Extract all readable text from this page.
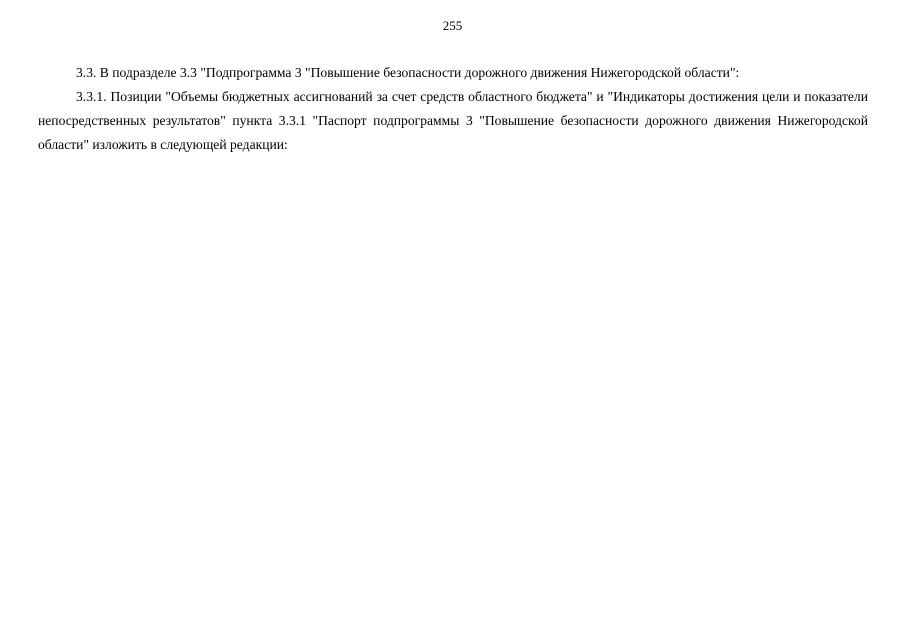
255

3.3. В подразделе 3.3 "Подпрограмма 3 "Повышение безопасности дорожного движения Нижегородской области":

3.3.1. Позиции "Объемы бюджетных ассигнований за счет средств областного бюджета" и "Индикаторы достижения цели и показатели непосредственных результатов" пункта 3.3.1 "Паспорт подпрограммы 3 "Повышение безопасности дорожного движения Нижегородской области" изложить в следующей редакции:
